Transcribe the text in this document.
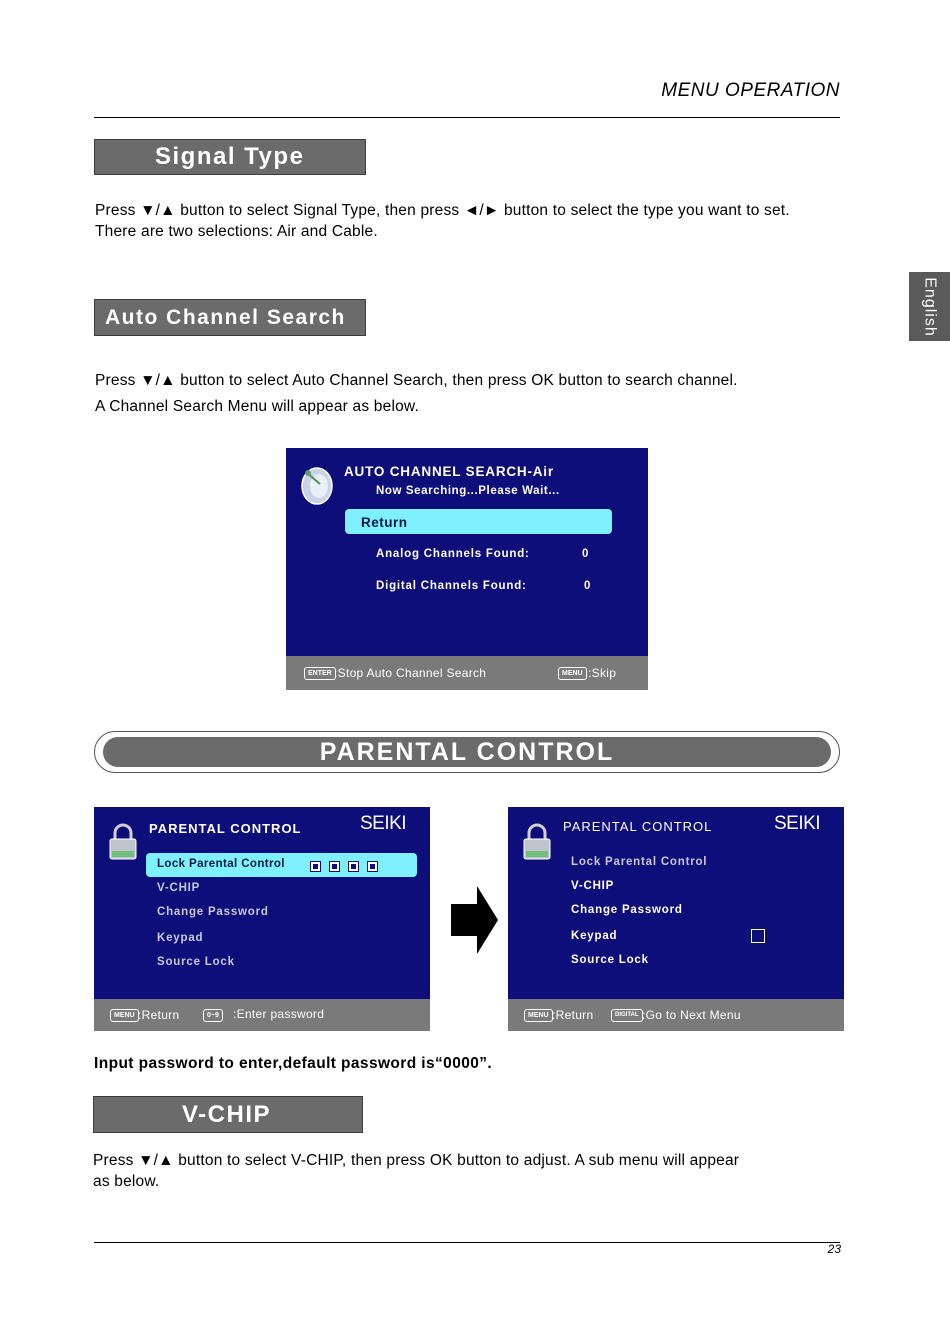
MENU OPERATION
English
Signal Type
Press ▼/▲ button to select Signal Type, then press ◄/► button to select the type you want to set.
There are two selections: Air and Cable.
Auto Channel Search
Press ▼/▲ button to select Auto Channel Search, then press OK button to search channel.
A Channel Search Menu will appear as below.
AUTO CHANNEL SEARCH-Air
Now Searching...Please Wait...
Return
Analog Channels Found:	0
Digital Channels Found:	0
ENTER :Stop Auto Channel Search	MENU :Skip
PARENTAL CONTROL
PARENTAL CONTROL	SEIKI
Lock Parental Control
V-CHIP
Change Password
Keypad
Source Lock
MENU :Return	0~9	:Enter password
PARENTAL CONTROL	SEIKI
Lock Parental Control
V-CHIP
Change Password
Keypad
Source Lock
MENU :Return	DIGITAL :Go to Next Menu
Input password to enter,default password is“0000”.
V-CHIP
Press ▼/▲ button to select V-CHIP, then press OK button to adjust. A sub menu will appear
as below.
23
